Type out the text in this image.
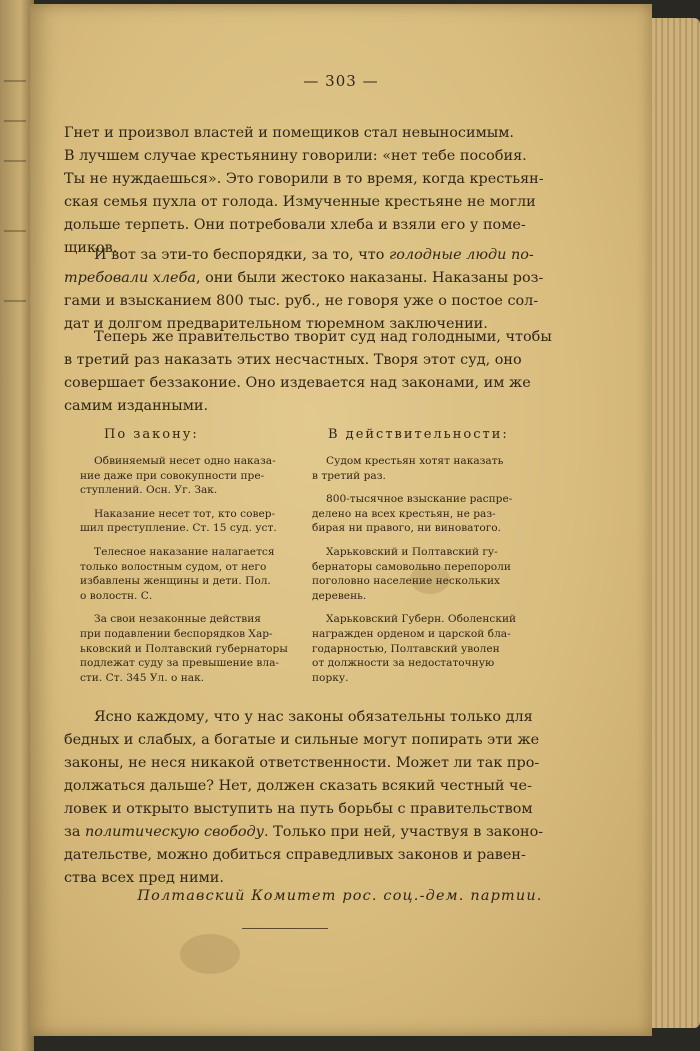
— 303 —
Гнет и произвол властей и помещиков стал невыносимым.
В лучшем случае крестьянину говорили: «нет тебе пособия.
Ты не нуждаешься». Это говорили в то время, когда крестьян-
ская семья пухла от голода. Измученные крестьяне не могли
дольше терпеть. Они потребовали хлеба и взяли его у поме-
щиков.
И вот за эти-то беспорядки, за то, что голодные люди по-
требовали хлеба, они были жестоко наказаны. Наказаны роз-
гами и взысканием 800 тыс. руб., не говоря уже о постое сол-
дат и долгом предварительном тюремном заключении.
Теперь же правительство творит суд над голодными, чтобы
в третий раз наказать этих несчастных. Творя этот суд, оно
совершает беззаконие. Оно издевается над законами, им же
самим изданными.
По закону:	В действительности:
Обвиняемый несет одно наказа-
ние даже при совокупности пре-
ступлений. Осн. Уг. Зак.
Наказание несет тот, кто совер-
шил преступление. Ст. 15 суд. уст.
Телесное наказание налагается
только волостным судом, от него
избавлены женщины и дети. Пол.
о волостн. С.
За свои незаконные действия
при подавлении беспорядков Хар-
ьковский и Полтавский губернаторы
подлежат суду за превышение вла-
сти. Ст. 345 Ул. о нак.
Судом крестьян хотят наказать
в третий раз.
800-тысячное взыскание распре-
делено на всех крестьян, не раз-
бирая ни правого, ни виноватого.
Харьковский и Полтавский гу-
бернаторы самовольно перепороли
поголовно население нескольких
деревень.
Харьковский Губерн. Оболенский
награжден орденом и царской бла-
годарностью, Полтавский уволен
от должности за недостаточную
порку.
Ясно каждому, что у нас законы обязательны только для
бедных и слабых, а богатые и сильные могут попирать эти же
законы, не неся никакой ответственности. Может ли так про-
должаться дальше? Нет, должен сказать всякий честный че-
ловек и открыто выступить на путь борьбы с правительством
за политическую свободу. Только при ней, участвуя в законо-
дательстве, можно добиться справедливых законов и равен-
ства всех пред ними.
Полтавский Комитет рос. соц.-дем. партии.
